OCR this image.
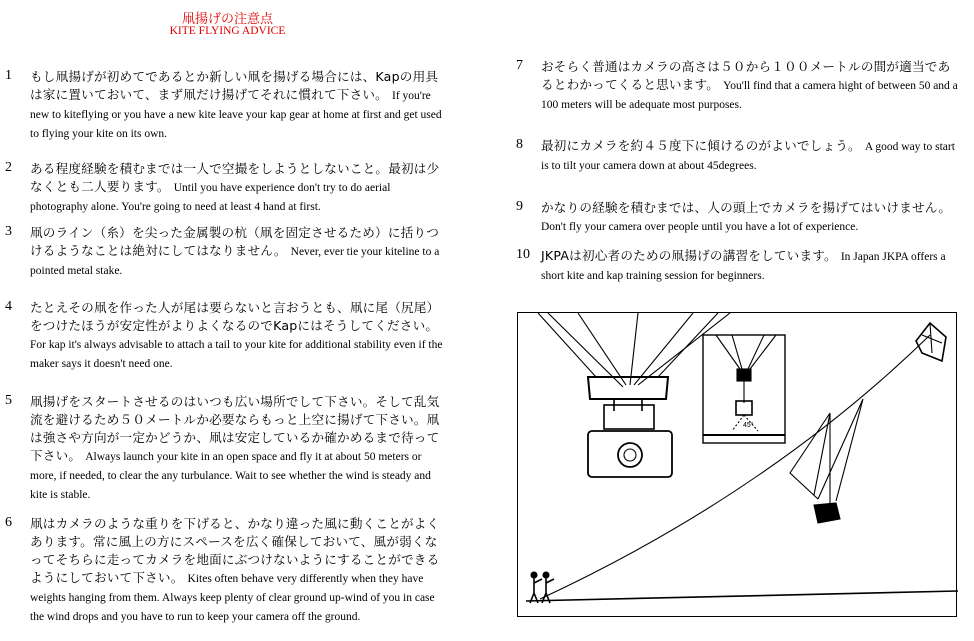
凧揚げの注意点
KITE FLYING ADVICE
1 もし凧揚げが初めてであるとか新しい凧を揚げる場合には、Kapの用具は家に置いておいて、まず凧だけ揚げてそれに慣れて下さい。 If you're new to kiteflying or you have a new kite leave your kap gear at home at first and get used to flying your kite on its own.
2 ある程度経験を積むまでは一人で空撮をしようとしないこと。最初は少なくとも二人要ります。 Until you have experience don't try to do aerial photography alone. You're going to need at least 4 hand at first.
3 凧のライン（糸）を尖った金属製の杭（凧を固定させるため）に括りつけるようなことは絶対にしてはなりません。 Never, ever tie your kiteline to a pointed metal stake.
4 たとえその凧を作った人が尾は要らないと言おうとも、凧に尾（尻尾）をつけたほうが安定性がよりよくなるのでKapにはそうしてください。 For kap it's always advisable to attach a tail to your kite for additional stability even if the maker says it doesn't need one.
5 凧揚げをスタートさせるのはいつも広い場所でして下さい。そして乱気流を避けるため５０メートルか必要ならもっと上空に揚げて下さい。凧は強さや方向が一定かどうか、凧は安定しているか確かめるまで待って下さい。 Always launch your kite in an open space and fly it at about 50 meters or more, if needed, to clear the any turbulance. Wait to see whether the wind is steady and kite is stable.
6 凧はカメラのような重りを下げると、かなり違った風に動くことがよくあります。常に風上の方にスペースを広く確保しておいて、風が弱くなってそちらに走ってカメラを地面にぶつけないようにすることができるようにしておいて下さい。 Kites often behave very differently when they have weights hanging from them. Always keep plenty of clear ground up-wind of you in case the wind drops and you have to run to keep your camera off the ground.
7 おそらく普通はカメラの高さは５０から１００メートルの間が適当であるとわかってくると思います。 You'll find that a camera hight of between 50 and a 100 meters will be adequate most purposes.
8 最初にカメラを約４５度下に傾けるのがよいでしょう。 A good way to start is to tilt your camera down at about 45degrees.
9 かなりの経験を積むまでは、人の頭上でカメラを揚げてはいけません。 Don't fly your camera over people until you have a lot of experience.
10 JKPAは初心者のための凧揚げの講習をしています。 In Japan JKPA offers a short kite and kap training session for beginners.
45°
